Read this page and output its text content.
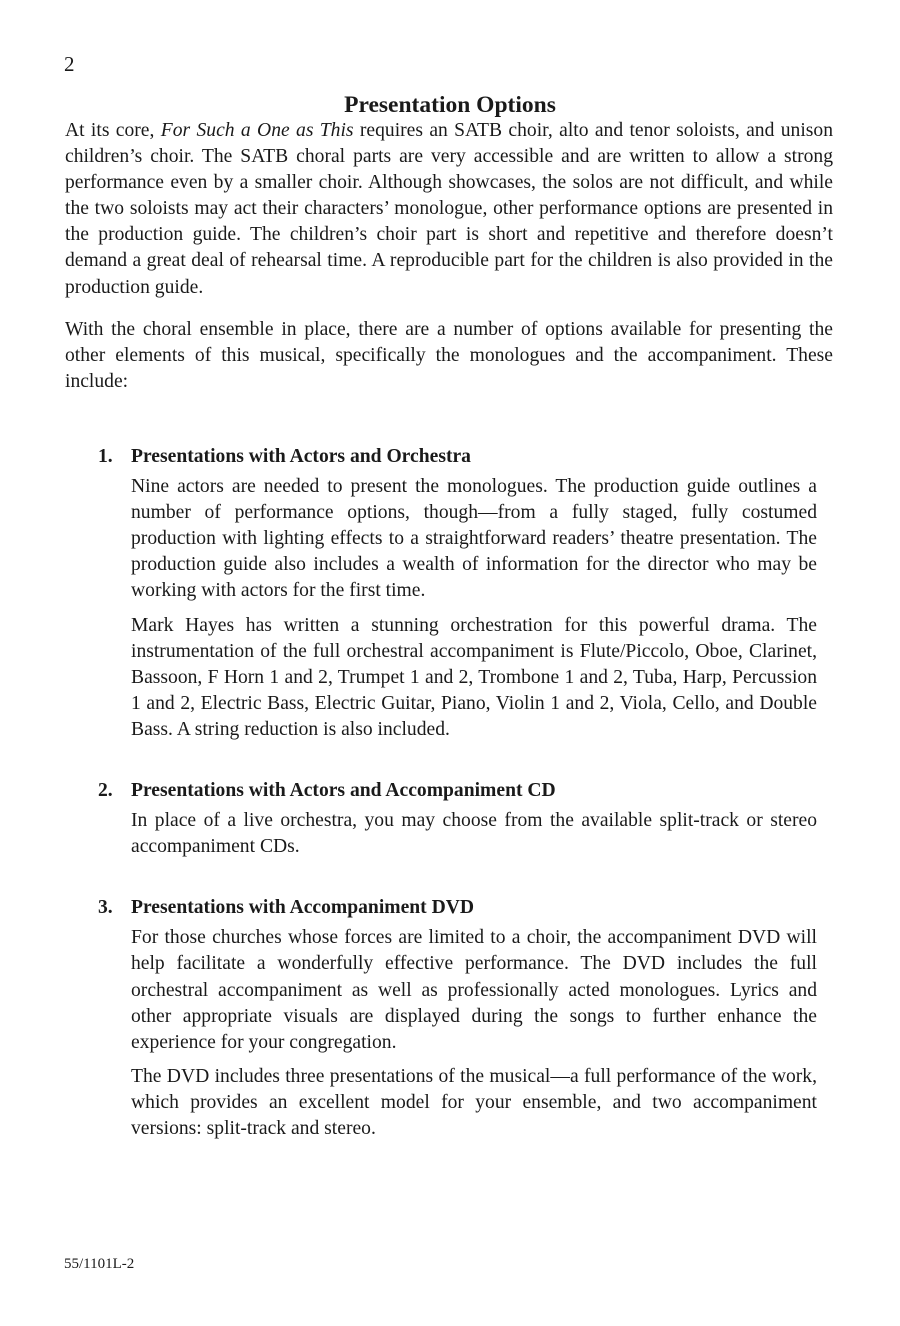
2
Presentation Options

At its core, For Such a One as This requires an SATB choir, alto and tenor soloists, and unison children’s choir. The SATB choral parts are very accessible and are written to allow a strong performance even by a smaller choir. Although showcases, the solos are not difficult, and while the two soloists may act their characters’ monologue, other performance options are presented in the production guide. The children’s choir part is short and repetitive and therefore doesn’t demand a great deal of rehearsal time. A reproducible part for the children is also provided in the production guide.

With the choral ensemble in place, there are a number of options available for presenting the other elements of this musical, specifically the monologues and the accompaniment. These include:

1. Presentations with Actors and Orchestra

Nine actors are needed to present the monologues. The production guide outlines a number of performance options, though—from a fully staged, fully costumed production with lighting effects to a straightforward readers’ theatre presentation. The production guide also includes a wealth of information for the director who may be working with actors for the first time.

Mark Hayes has written a stunning orchestration for this powerful drama. The instrumentation of the full orchestral accompaniment is Flute/Piccolo, Oboe, Clarinet, Bassoon, F Horn 1 and 2, Trumpet 1 and 2, Trombone 1 and 2, Tuba, Harp, Percussion 1 and 2, Electric Bass, Electric Guitar, Piano, Violin 1 and 2, Viola, Cello, and Double Bass. A string reduction is also included.

2. Presentations with Actors and Accompaniment CD

In place of a live orchestra, you may choose from the available split-track or stereo accompaniment CDs.

3. Presentations with Accompaniment DVD

For those churches whose forces are limited to a choir, the accompaniment DVD will help facilitate a wonderfully effective performance. The DVD includes the full orchestral accompaniment as well as professionally acted monologues. Lyrics and other appropriate visuals are displayed during the songs to further enhance the experience for your congregation.

The DVD includes three presentations of the musical—a full performance of the work, which provides an excellent model for your ensemble, and two accompaniment versions: split-track and stereo.

55/1101L-2
